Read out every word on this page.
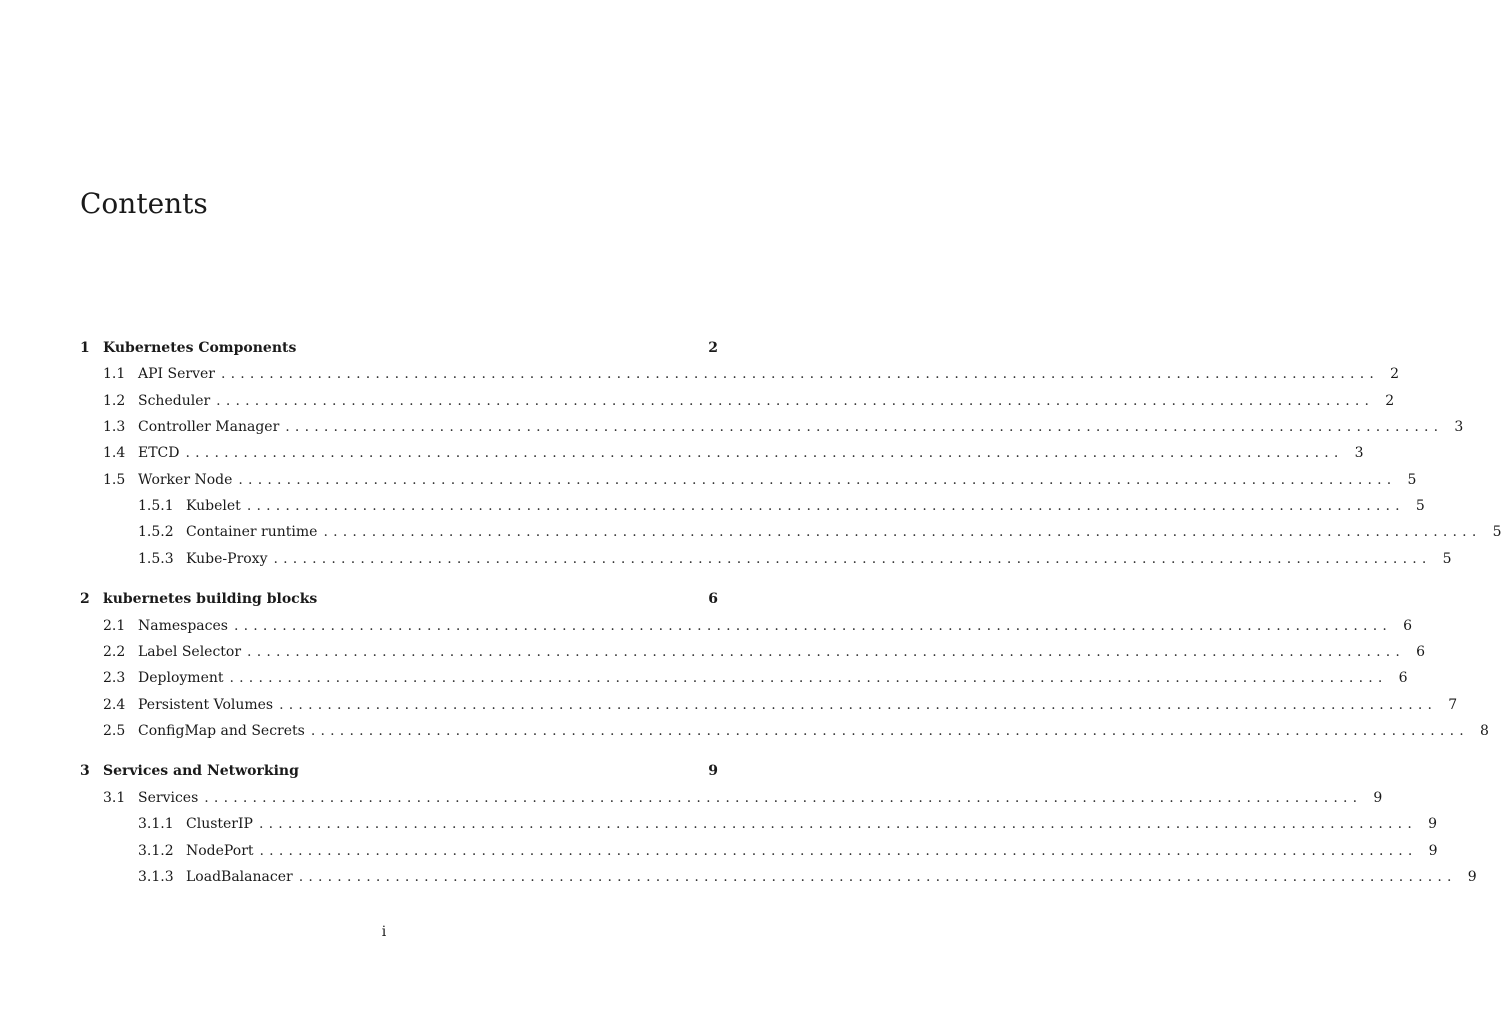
Contents
1 Kubernetes Components	2
1.1 API Server ........................................................................................................................ 2
1.2 Scheduler ........................................................................................................................ 2
1.3 Controller Manager ........................................................................................................................ 3
1.4 ETCD ........................................................................................................................ 3
1.5 Worker Node ........................................................................................................................ 5
1.5.1 Kubelet ........................................................................................................................ 5
1.5.2 Container runtime ........................................................................................................................ 5
1.5.3 Kube-Proxy ........................................................................................................................ 5
2 kubernetes building blocks	6
2.1 Namespaces ........................................................................................................................ 6
2.2 Label Selector ........................................................................................................................ 6
2.3 Deployment ........................................................................................................................ 6
2.4 Persistent Volumes ........................................................................................................................ 7
2.5 ConfigMap and Secrets ........................................................................................................................ 8
3 Services and Networking	9
3.1 Services ........................................................................................................................ 9
3.1.1 ClusterIP ........................................................................................................................ 9
3.1.2 NodePort ........................................................................................................................ 9
3.1.3 LoadBalanacer ........................................................................................................................ 9
i
